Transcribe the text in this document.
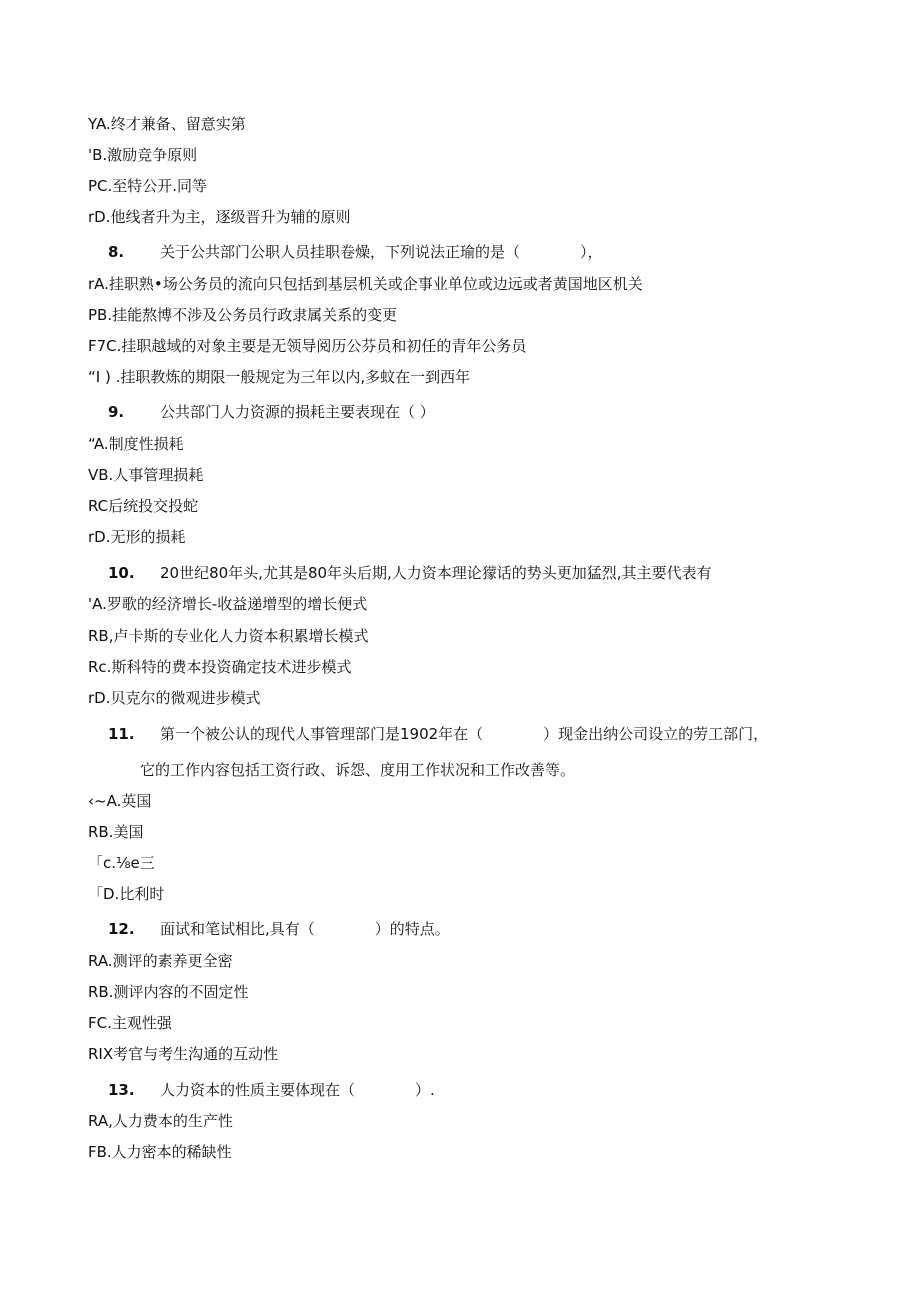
YA.终才兼备、留意实第
'B.激励竞争原则
PC.至特公开.同等
rD.他线者升为主，逐级晋升为辅的原则
8. 关于公共部门公职人员挂职卷燥，下列说法正瑜的是（　　　　），
rA.挂职熟•场公务员的流向只包括到基层机关或企事业单位或边远或者黄国地区机关
PB.挂能熬博不涉及公务员行政隶属关系的变更
F7C.挂职越域的对象主要是无领导阅历公芬员和初任的青年公务员
“I ) .挂职教炼的期限一般规定为三年以内,多蚊在一到西年
9. 公共部门人力资源的损耗主要表现在（ ）
“A.制度性损耗
VB.人事管理损耗
RC后统投交投蛇
rD.无形的损耗
10. 20世纪80年头,尤其是80年头后期,人力资本理论獴话的势头更加猛烈,其主要代表有
'A.罗歌的经济增长-收益递增型的增长便式
RB,卢卡斯的专业化人力资本积累增长模式
Rc.斯科特的费本投资确定技术进步模式
rD.贝克尔的微观进步模式
11. 第一个被公认的现代人事管理部门是1902年在（　　　　）现金出纳公司设立的劳工部门，
它的工作内容包括工资行政、诉怨、度用工作状况和工作改善等。
‹~A.英国
RB.美国
「c.⅛e三
「D.比利时
12. 面试和笔试相比,具有（　　　　）的特点。
RA.测评的素养更全密
RB.测评内容的不固定性
FC.主观性强
RIX考官与考生沟通的互动性
13. 人力资本的性质主要体现在（　　　　）.
RA,人力费本的生产性
FB.人力密本的稀缺性
